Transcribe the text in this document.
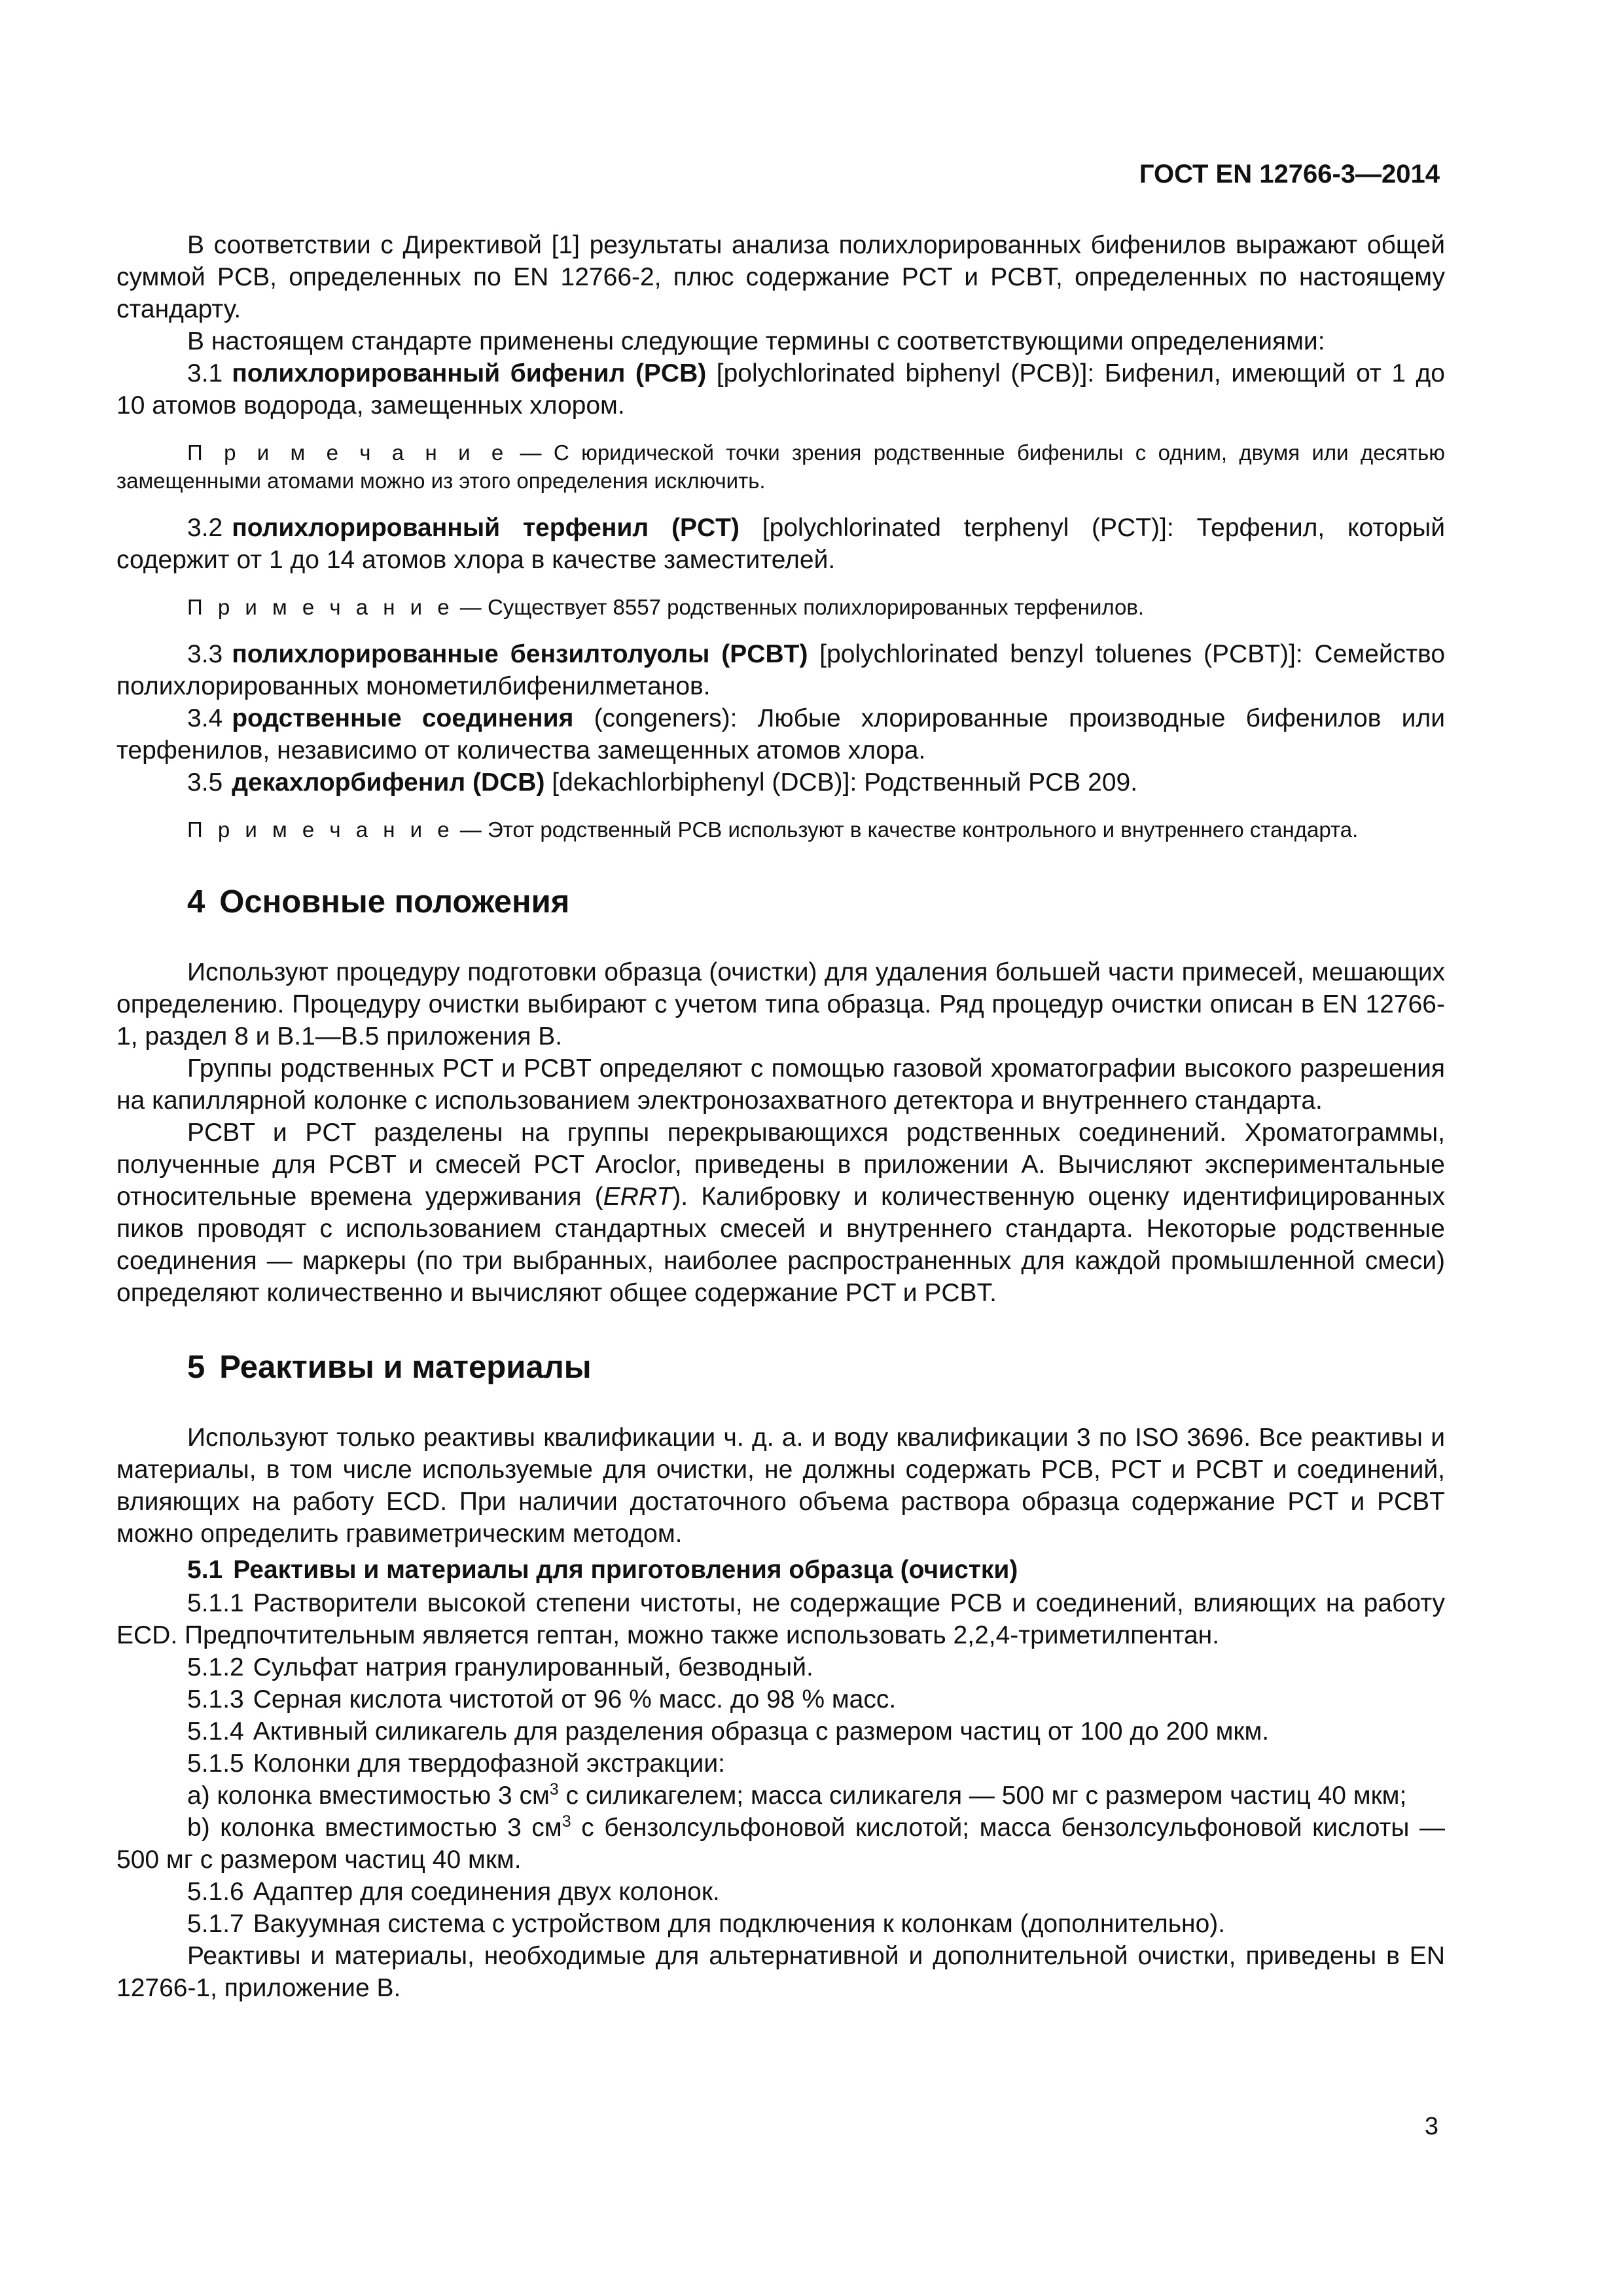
ГОСТ EN 12766-3—2014

В соответствии с Директивой [1] результаты анализа полихлорированных бифенилов выражают общей суммой PCB, определенных по EN 12766-2, плюс содержание PCT и PCBT, определенных по настоящему стандарту.

В настоящем стандарте применены следующие термины с соответствующими определениями:

3.1 полихлорированный бифенил (PCB) [polychlorinated biphenyl (PCB)]: Бифенил, имеющий от 1 до 10 атомов водорода, замещенных хлором.

П р и м е ч а н и е — С юридической точки зрения родственные бифенилы с одним, двумя или десятью замещенными атомами можно из этого определения исключить.

3.2 полихлорированный терфенил (PCT) [polychlorinated terphenyl (PCT)]: Терфенил, который содержит от 1 до 14 атомов хлора в качестве заместителей.

П р и м е ч а н и е — Существует 8557 родственных полихлорированных терфенилов.

3.3 полихлорированные бензилтолуолы (PCBT) [polychlorinated benzyl toluenes (PCBT)]: Семейство полихлорированных монометилбифенилметанов.

3.4 родственные соединения (congeners): Любые хлорированные производные бифенилов или терфенилов, независимо от количества замещенных атомов хлора.

3.5 декахлорбифенил (DCB) [dekachlorbiphenyl (DCB)]: Родственный PCB 209.

П р и м е ч а н и е — Этот родственный PCB используют в качестве контрольного и внутреннего стандарта.

4 Основные положения

Используют процедуру подготовки образца (очистки) для удаления большей части примесей, мешающих определению. Процедуру очистки выбирают с учетом типа образца. Ряд процедур очистки описан в EN 12766-1, раздел 8 и B.1—B.5 приложения B.

Группы родственных PCT и PCBT определяют с помощью газовой хроматографии высокого разрешения на капиллярной колонке с использованием электронозахватного детектора и внутреннего стандарта.

PCBT и PCT разделены на группы перекрывающихся родственных соединений. Хроматограммы, полученные для PCBT и смесей PCT Aroclor, приведены в приложении A. Вычисляют экспериментальные относительные времена удерживания (ERRT). Калибровку и количественную оценку идентифицированных пиков проводят с использованием стандартных смесей и внутреннего стандарта. Некоторые родственные соединения — маркеры (по три выбранных, наиболее распространенных для каждой промышленной смеси) определяют количественно и вычисляют общее содержание PCT и PCBT.

5 Реактивы и материалы

Используют только реактивы квалификации ч. д. а. и воду квалификации 3 по ISO 3696. Все реактивы и материалы, в том числе используемые для очистки, не должны содержать PCB, PCT и PCBT и соединений, влияющих на работу ECD. При наличии достаточного объема раствора образца содержание PCT и PCBT можно определить гравиметрическим методом.

5.1 Реактивы и материалы для приготовления образца (очистки)

5.1.1 Растворители высокой степени чистоты, не содержащие PCB и соединений, влияющих на работу ECD. Предпочтительным является гептан, можно также использовать 2,2,4-триметилпентан.

5.1.2 Сульфат натрия гранулированный, безводный.

5.1.3 Серная кислота чистотой от 96 % масс. до 98 % масс.

5.1.4 Активный силикагель для разделения образца с размером частиц от 100 до 200 мкм.

5.1.5 Колонки для твердофазной экстракции:

a) колонка вместимостью 3 $см^3$ с силикагелем; масса силикагеля — 500 мг с размером частиц 40 мкм;

b) колонка вместимостью 3 $см^3$ с бензолсульфоновой кислотой; масса бензолсульфоновой кислоты — 500 мг с размером частиц 40 мкм.

5.1.6 Адаптер для соединения двух колонок.

5.1.7 Вакуумная система с устройством для подключения к колонкам (дополнительно).

Реактивы и материалы, необходимые для альтернативной и дополнительной очистки, приведены в EN 12766-1, приложение B.

3
